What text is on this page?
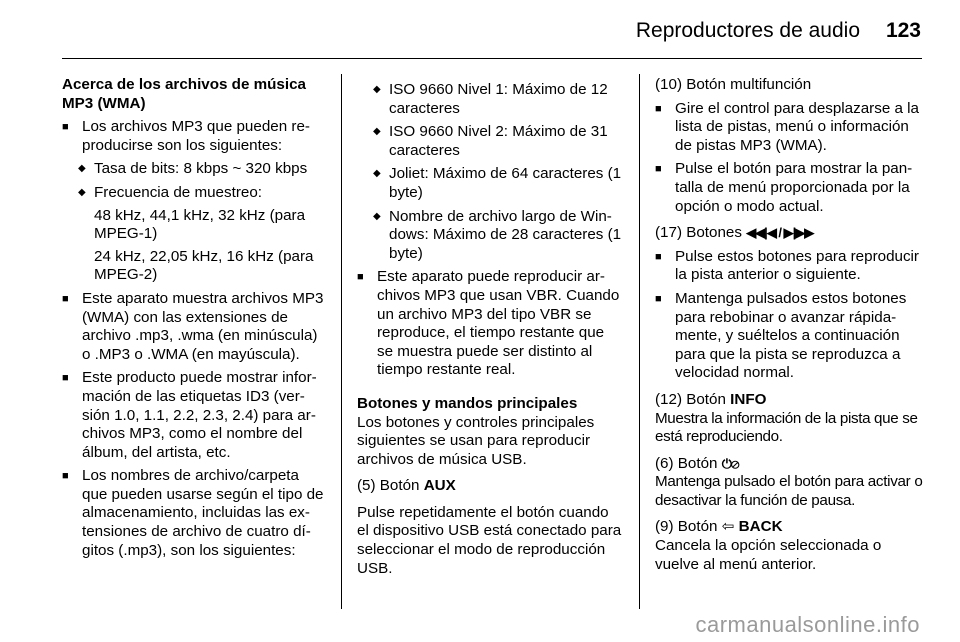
Reproductores de audio 123

Acerca de los archivos de música MP3 (WMA)

■ Los archivos MP3 que pueden reproducirse son los siguientes:

◆ Tasa de bits: 8 kbps ~ 320 kbps

◆ Frecuencia de muestreo:

48 kHz, 44,1 kHz, 32 kHz (para MPEG-1)

24 kHz, 22,05 kHz, 16 kHz (para MPEG-2)

■ Este aparato muestra archivos MP3 (WMA) con las extensiones de archivo .mp3, .wma (en minúscula) o .MP3 o .WMA (en mayúscula).

■ Este producto puede mostrar información de las etiquetas ID3 (versión 1.0, 1.1, 2.2, 2.3, 2.4) para archivos MP3, como el nombre del álbum, del artista, etc.

■ Los nombres de archivo/carpeta que pueden usarse según el tipo de almacenamiento, incluidas las extensiones de archivo de cuatro dígitos (.mp3), son los siguientes:

◆ ISO 9660 Nivel 1: Máximo de 12 caracteres

◆ ISO 9660 Nivel 2: Máximo de 31 caracteres

◆ Joliet: Máximo de 64 caracteres (1 byte)

◆ Nombre de archivo largo de Windows: Máximo de 28 caracteres (1 byte)

■ Este aparato puede reproducir archivos MP3 que usan VBR. Cuando un archivo MP3 del tipo VBR se reproduce, el tiempo restante que se muestra puede ser distinto al tiempo restante real.

Botones y mandos principales

Los botones y controles principales siguientes se usan para reproducir archivos de música USB.

(5) Botón AUX

Pulse repetidamente el botón cuando el dispositivo USB está conectado para seleccionar el modo de reproducción USB.

(10) Botón multifunción

■ Gire el control para desplazarse a la lista de pistas, menú o información de pistas MP3 (WMA).

■ Pulse el botón para mostrar la pantalla de menú proporcionada por la opción o modo actual.

(17) Botones ◀◀|◀ / ▶|▶▶

■ Pulse estos botones para reproducir la pista anterior o siguiente.

■ Mantenga pulsados estos botones para rebobinar o avanzar rápidamente, y suéltelos a continuación para que la pista se reproduzca a velocidad normal.

(12) Botón INFO

Muestra la información de la pista que se está reproduciendo.

(6) Botón ⏻⊘

Mantenga pulsado el botón para activar o desactivar la función de pausa.

(9) Botón ⇦ BACK

Cancela la opción seleccionada o vuelve al menú anterior.

carmanualsonline.info
